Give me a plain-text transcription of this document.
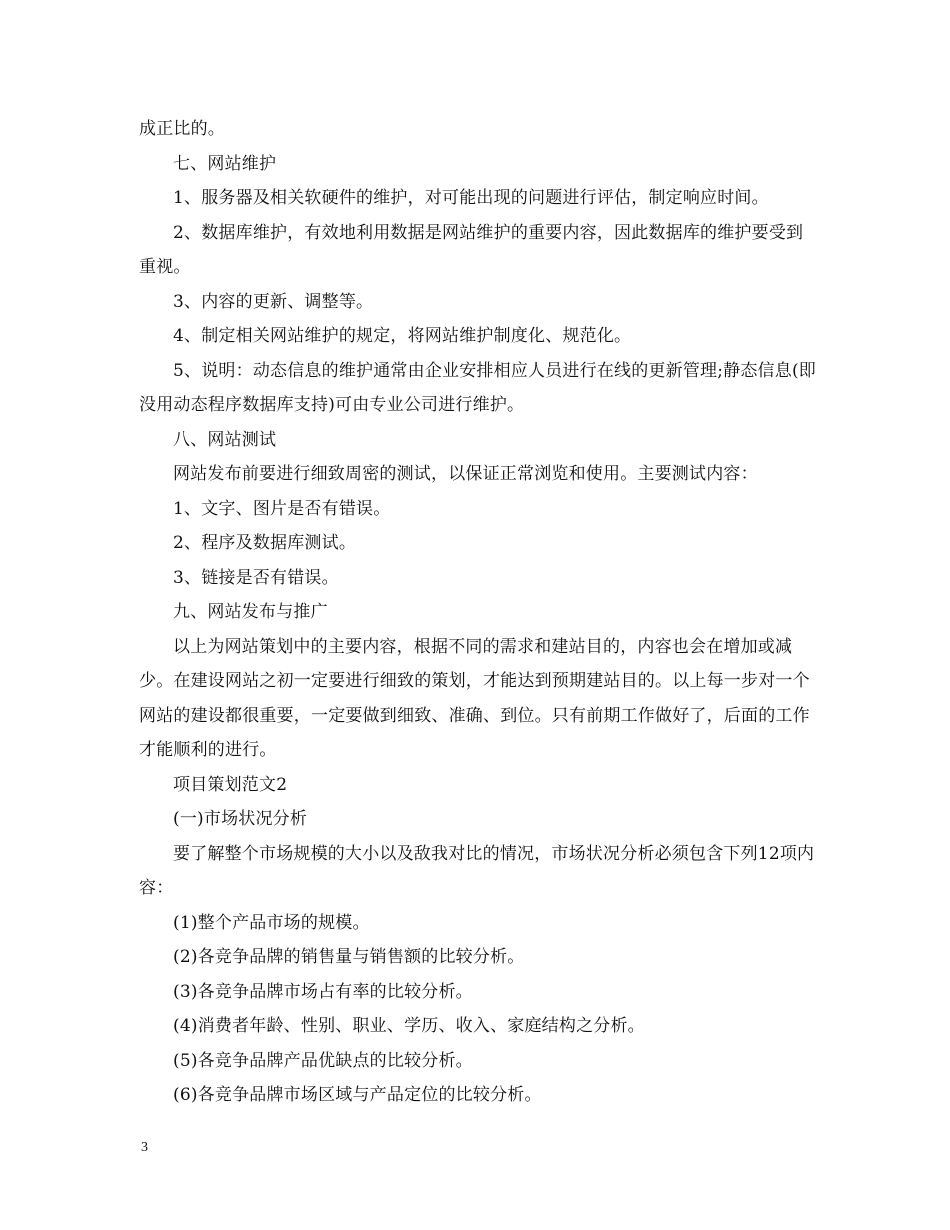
成正比的。

七、网站维护

1、服务器及相关软硬件的维护，对可能出现的问题进行评估，制定响应时间。

2、数据库维护，有效地利用数据是网站维护的重要内容，因此数据库的维护要受到重视。

3、内容的更新、调整等。

4、制定相关网站维护的规定，将网站维护制度化、规范化。

5、说明：动态信息的维护通常由企业安排相应人员进行在线的更新管理;静态信息(即没用动态程序数据库支持)可由专业公司进行维护。

八、网站测试

网站发布前要进行细致周密的测试，以保证正常浏览和使用。主要测试内容：

1、文字、图片是否有错误。

2、程序及数据库测试。

3、链接是否有错误。

九、网站发布与推广

以上为网站策划中的主要内容，根据不同的需求和建站目的，内容也会在增加或减少。在建设网站之初一定要进行细致的策划，才能达到预期建站目的。以上每一步对一个网站的建设都很重要，一定要做到细致、准确、到位。只有前期工作做好了，后面的工作才能顺利的进行。

项目策划范文2

(一)市场状况分析

要了解整个市场规模的大小以及敌我对比的情况，市场状况分析必须包含下列12项内容：

(1)整个产品市场的规模。

(2)各竞争品牌的销售量与销售额的比较分析。

(3)各竞争品牌市场占有率的比较分析。

(4)消费者年龄、性别、职业、学历、收入、家庭结构之分析。

(5)各竞争品牌产品优缺点的比较分析。

(6)各竞争品牌市场区域与产品定位的比较分析。

3
